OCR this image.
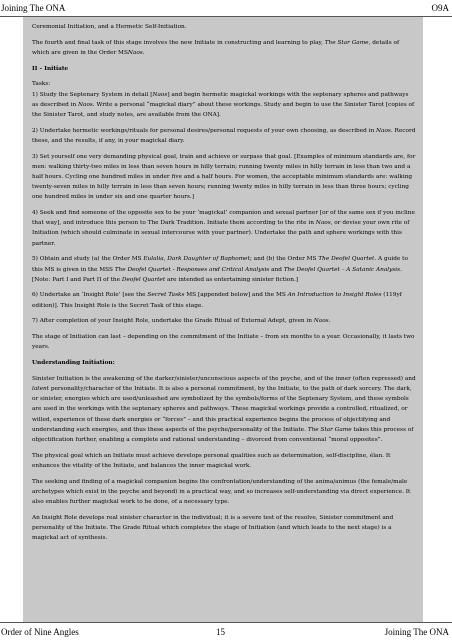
Joining The ONA	O9A

Ceremonial Initiation, and a Hermetic Self-Initiation.

The fourth and final task of this stage involves the new Initiate in constructing and learning to play, The Star Game, details of which are given in the Order MSNaos.

II – Initiate

Tasks:

1) Study the Septenary System in detail [Naos] and begin hermetic magickal workings with the septenary spheres and pathways as described in Naos. Write a personal “magickal diary” about these workings. Study and begin to use the Sinister Tarot [copies of the Sinister Tarot, and study notes, are available from the ONA].

2) Undertake hermetic workings/rituals for personal desires/personal requests of your own choosing, as described in Naos. Record these, and the results, if any, in your magickal diary.

3) Set yourself one very demanding physical goal, train and achieve or surpass that goal. [Examples of minimum standards are, for men: walking thirty-two miles in less than seven hours in hilly terrain; running twenty miles in hilly terrain in less than two and a half hours. Cycling one hundred miles in under five and a half hours. For women, the acceptable minimum standards are: walking twenty-seven miles in hilly terrain in less than seven hours; running twenty miles in hilly terrain in less than three hours; cycling one hundred miles in under six and one quarter hours.]

4) Seek and find someone of the opposite sex to be your ‘magickal’ companion and sexual partner [or of the same sex if you incline that way], and introduce this person to The Dark Tradition. Initiate them according to the rite in Naos, or devise your own rite of Initiation (which should culminate in sexual intercourse with your partner). Undertake the path and sphere workings with this partner.

5) Obtain and study (a) the Order MS Eulalia, Dark Daughter of Baphomet; and (b) the Order MS The Deofel Quartet. A guide to this MS is given in the MSS The Deofel Quartet - Responses and Critical Analysis and The Deofel Quartet – A Satanic Analysis. [Note: Part I and Part II of the Deofel Quartet are intended as entertaining sinister fiction.]

6) Undertake an ‘Insight Role’ [see the Secret Tasks MS [appended below] and the MS An Introduction to Insight Roles (119yf edition)]. This Insight Role is the Secret Task of this stage.

7) After completion of your Insight Role, undertake the Grade Ritual of External Adept, given in Naos.

The stage of Initiation can last – depending on the commitment of the Initiate – from six months to a year. Occasionally, it lasts two years.

Understanding Initiation:

Sinister Initiation is the awakening of the darker/sinister/unconscious aspects of the psyche, and of the inner (often repressed) and latent personality/character of the Initiate. It is also a personal commitment, by the Initiate, to the path of dark sorcery. The dark, or sinister, energies which are used/unleashed are symbolized by the symbols/forms of the Septenary System, and these symbols are used in the workings with the septenary spheres and pathways. These magickal workings provide a controlled, ritualized, or willed, experience of these dark energies or “forces” – and this practical experience begins the process of objectifying and understanding such energies, and thus these aspects of the psyche/personality of the Initiate. The Star Game takes this process of objectification further, enabling a complete and rational understanding – divorced from conventional “moral opposites”.

The physical goal which an Initiate must achieve develops personal qualities such as determination, self-discipline, élan. It enhances the vitality of the Initiate, and balances the inner magickal work.

The seeking and finding of a magickal companion begins the confrontation/understanding of the anima/animus (the female/male archetypes which exist in the psyche and beyond) in a practical way, and so increases self-understanding via direct experience. It also enables further magickal work to be done, of a necessary type.

An Insight Role develops real sinister character in the individual; it is a severe test of the resolve, Sinister commitment and personality of the Initiate. The Grade Ritual which completes the stage of Initiation (and which leads to the next stage) is a magickal act of synthesis.

Order of Nine Angles	15	Joining The ONA
